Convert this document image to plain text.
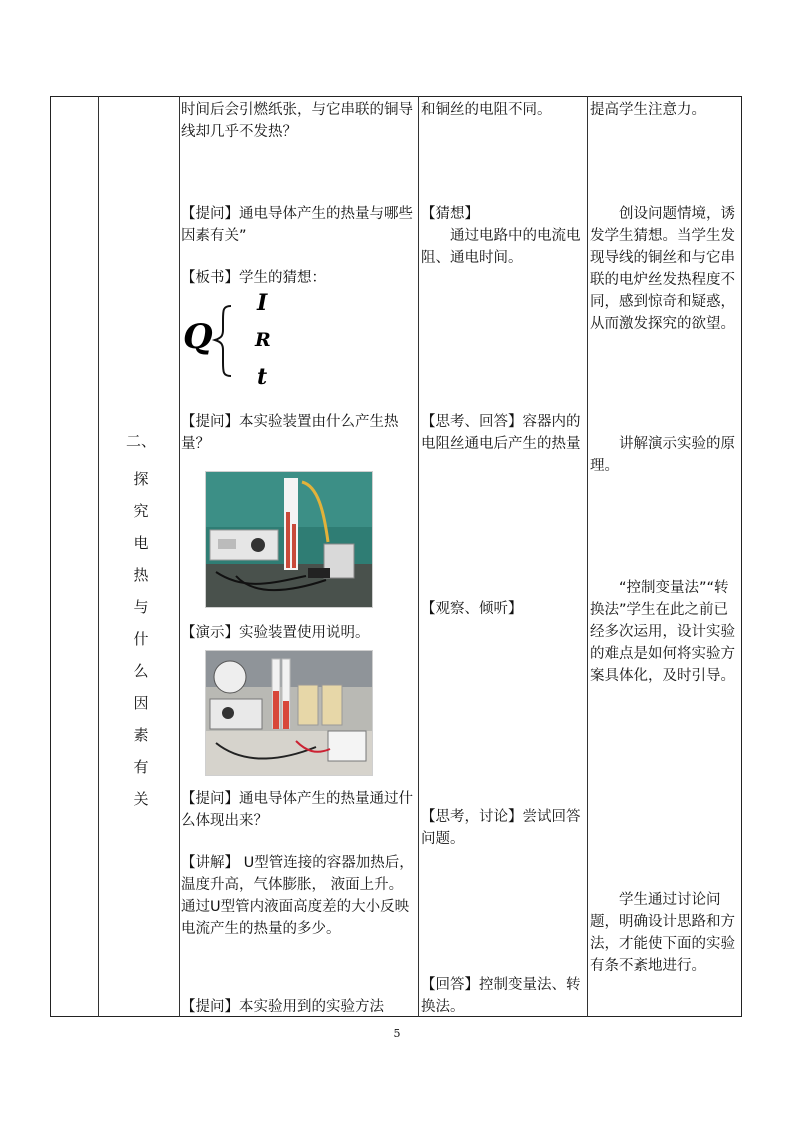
二、
探
究
电
热
与
什
么
因
素
有
关
时间后会引燃纸张，与它串联的铜导线却几乎不发热？
【提问】通电导体产生的热量与哪些因素有关”
【板书】学生的猜想：
Q
I
R
t
【提问】本实验装置由什么产生热量？
【演示】实验装置使用说明。
【提问】通电导体产生的热量通过什么体现出来？
【讲解】 U型管连接的容器加热后，温度升高，气体膨胀， 液面上升。通过U型管内液面高度差的大小反映电流产生的热量的多少。
【提问】本实验用到的实验方法
和铜丝的电阻不同。
【猜想】
通过电路中的电流电阻、通电时间。
【思考、回答】容器内的电阻丝通电后产生的热量
【观察、倾听】
【思考，讨论】尝试回答问题。
【回答】控制变量法、转换法。
提高学生注意力。
创设问题情境，诱发学生猜想。当学生发现导线的铜丝和与它串联的电炉丝发热程度不同，感到惊奇和疑惑，从而激发探究的欲望。
讲解演示实验的原理。
“控制变量法”“转换法”学生在此之前已经多次运用，设计实验的难点是如何将实验方案具体化，及时引导。
学生通过讨论问题，明确设计思路和方法，才能使下面的实验有条不紊地进行。
5
